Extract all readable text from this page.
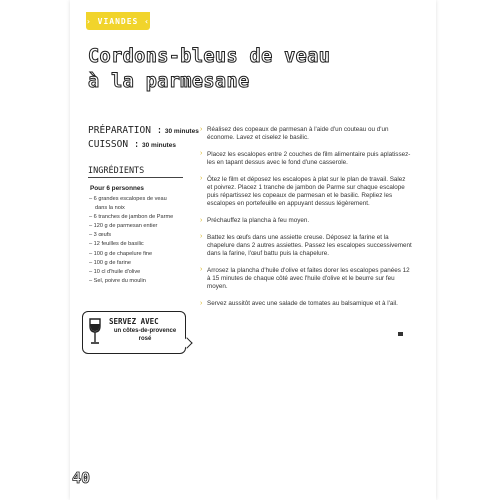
› VIANDES ‹
Cordons-bleus de veau
à la parmesane
PRÉPARATION : 30 minutes
CUISSON : 30 minutes
INGRÉDIENTS
Pour 6 personnes
– 6 grandes escalopes de veau
dans la noix
– 6 tranches de jambon de Parme
– 120 g de parmesan entier
– 3 œufs
– 12 feuilles de basilic
– 100 g de chapelure fine
– 100 g de farine
– 10 cl d'huile d'olive
– Sel, poivre du moulin
SERVEZ AVEC
un côtes-de-provence
rosé
› Réalisez des copeaux de parmesan à l'aide d'un couteau ou d'un économe. Lavez et ciselez le basilic.
› Placez les escalopes entre 2 couches de film alimentaire puis aplatissez-les en tapant dessus avec le fond d'une casserole.
› Ôtez le film et déposez les escalopes à plat sur le plan de travail. Salez et poivrez. Placez 1 tranche de jambon de Parme sur chaque escalope puis répartissez les copeaux de parmesan et le basilic. Repliez les escalopes en portefeuille en appuyant dessus légèrement.
› Préchauffez la plancha à feu moyen.
› Battez les œufs dans une assiette creuse. Déposez la farine et la chapelure dans 2 autres assiettes. Passez les escalopes successivement dans la farine, l'œuf battu puis la chapelure.
› Arrosez la plancha d'huile d'olive et faites dorer les escalopes panées 12 à 15 minutes de chaque côté avec l'huile d'olive et le beurre sur feu moyen.
› Servez aussitôt avec une salade de tomates au balsamique et à l'ail.
40
